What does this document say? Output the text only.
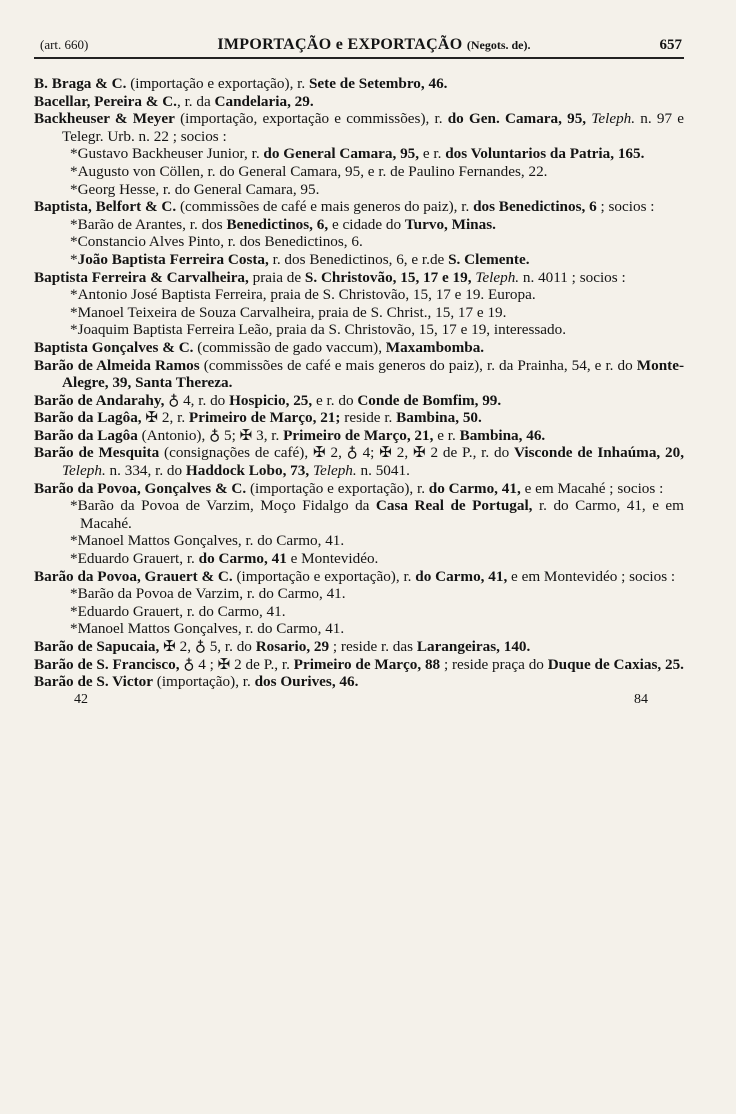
(art. 660)	IMPORTAÇÃO e EXPORTAÇÃO (Negots. de).	657
B. Braga & C. (importação e exportação), r. Sete de Setembro, 46.
Bacellar, Pereira & C., r. da Candelaria, 29.
Backheuser & Meyer (importação, exportação e commissões), r. do Gen. Camara, 95, Teleph. n. 97 e Telegr. Urb. n. 22 ; socios :
*Gustavo Backheuser Junior, r. do General Camara, 95, e r. dos Voluntarios da Patria, 165.
*Augusto von Cöllen, r. do General Camara, 95, e r. de Paulino Fernandes, 22.
*Georg Hesse, r. do General Camara, 95.
Baptista, Belfort & C. (commissões de café e mais generos do paiz), r. dos Benedictinos, 6 ; socios :
*Barão de Arantes, r. dos Benedictinos, 6, e cidade do Turvo, Minas.
*Constancio Alves Pinto, r. dos Benedictinos, 6.
*João Baptista Ferreira Costa, r. dos Benedictinos, 6, e r.de S. Clemente.
Baptista Ferreira & Carvalheira, praia de S. Christovão, 15, 17 e 19, Teleph. n. 4011 ; socios :
*Antonio José Baptista Ferreira, praia de S. Christovão, 15, 17 e 19. Europa.
*Manoel Teixeira de Souza Carvalheira, praia de S. Christ., 15, 17 e 19.
*Joaquim Baptista Ferreira Leão, praia da S. Christovão, 15, 17 e 19, interessado.
Baptista Gonçalves & C. (commissão de gado vaccum), Maxambomba.
Barão de Almeida Ramos (commissões de café e mais generos do paiz), r. da Prainha, 54, e r. do Monte-Alegre, 39, Santa Thereza.
Barão de Andarahy, ♁ 4, r. do Hospicio, 25, e r. do Conde de Bomfim, 99.
Barão da Lagôa, ✠ 2, r. Primeiro de Março, 21; reside r. Bambina, 50.
Barão da Lagôa (Antonio), ♁ 5; ✠ 3, r. Primeiro de Março, 21, e r. Bambina, 46.
Barão de Mesquita (consignações de café), ✠ 2, ♁ 4; ✠ 2, ✠ 2 de P., r. do Visconde de Inhaúma, 20, Teleph. n. 334, r. do Haddock Lobo, 73, Teleph. n. 5041.
Barão da Povoa, Gonçalves & C. (importação e exportação), r. do Carmo, 41, e em Macahé ; socios :
*Barão da Povoa de Varzim, Moço Fidalgo da Casa Real de Portugal, r. do Carmo, 41, e em Macahé.
*Manoel Mattos Gonçalves, r. do Carmo, 41.
*Eduardo Grauert, r. do Carmo, 41 e Montevidéo.
Barão da Povoa, Grauert & C. (importação e exportação), r. do Carmo, 41, e em Montevidéo ; socios :
*Barão da Povoa de Varzim, r. do Carmo, 41.
*Eduardo Grauert, r. do Carmo, 41.
*Manoel Mattos Gonçalves, r. do Carmo, 41.
Barão de Sapucaia, ✠ 2, ♁ 5, r. do Rosario, 29 ; reside r. das Larangeiras, 140.
Barão de S. Francisco, ♁ 4 ; ✠ 2 de P., r. Primeiro de Março, 88 ; reside praça do Duque de Caxias, 25.
Barão de S. Victor (importação), r. dos Ourives, 46.
42	84
